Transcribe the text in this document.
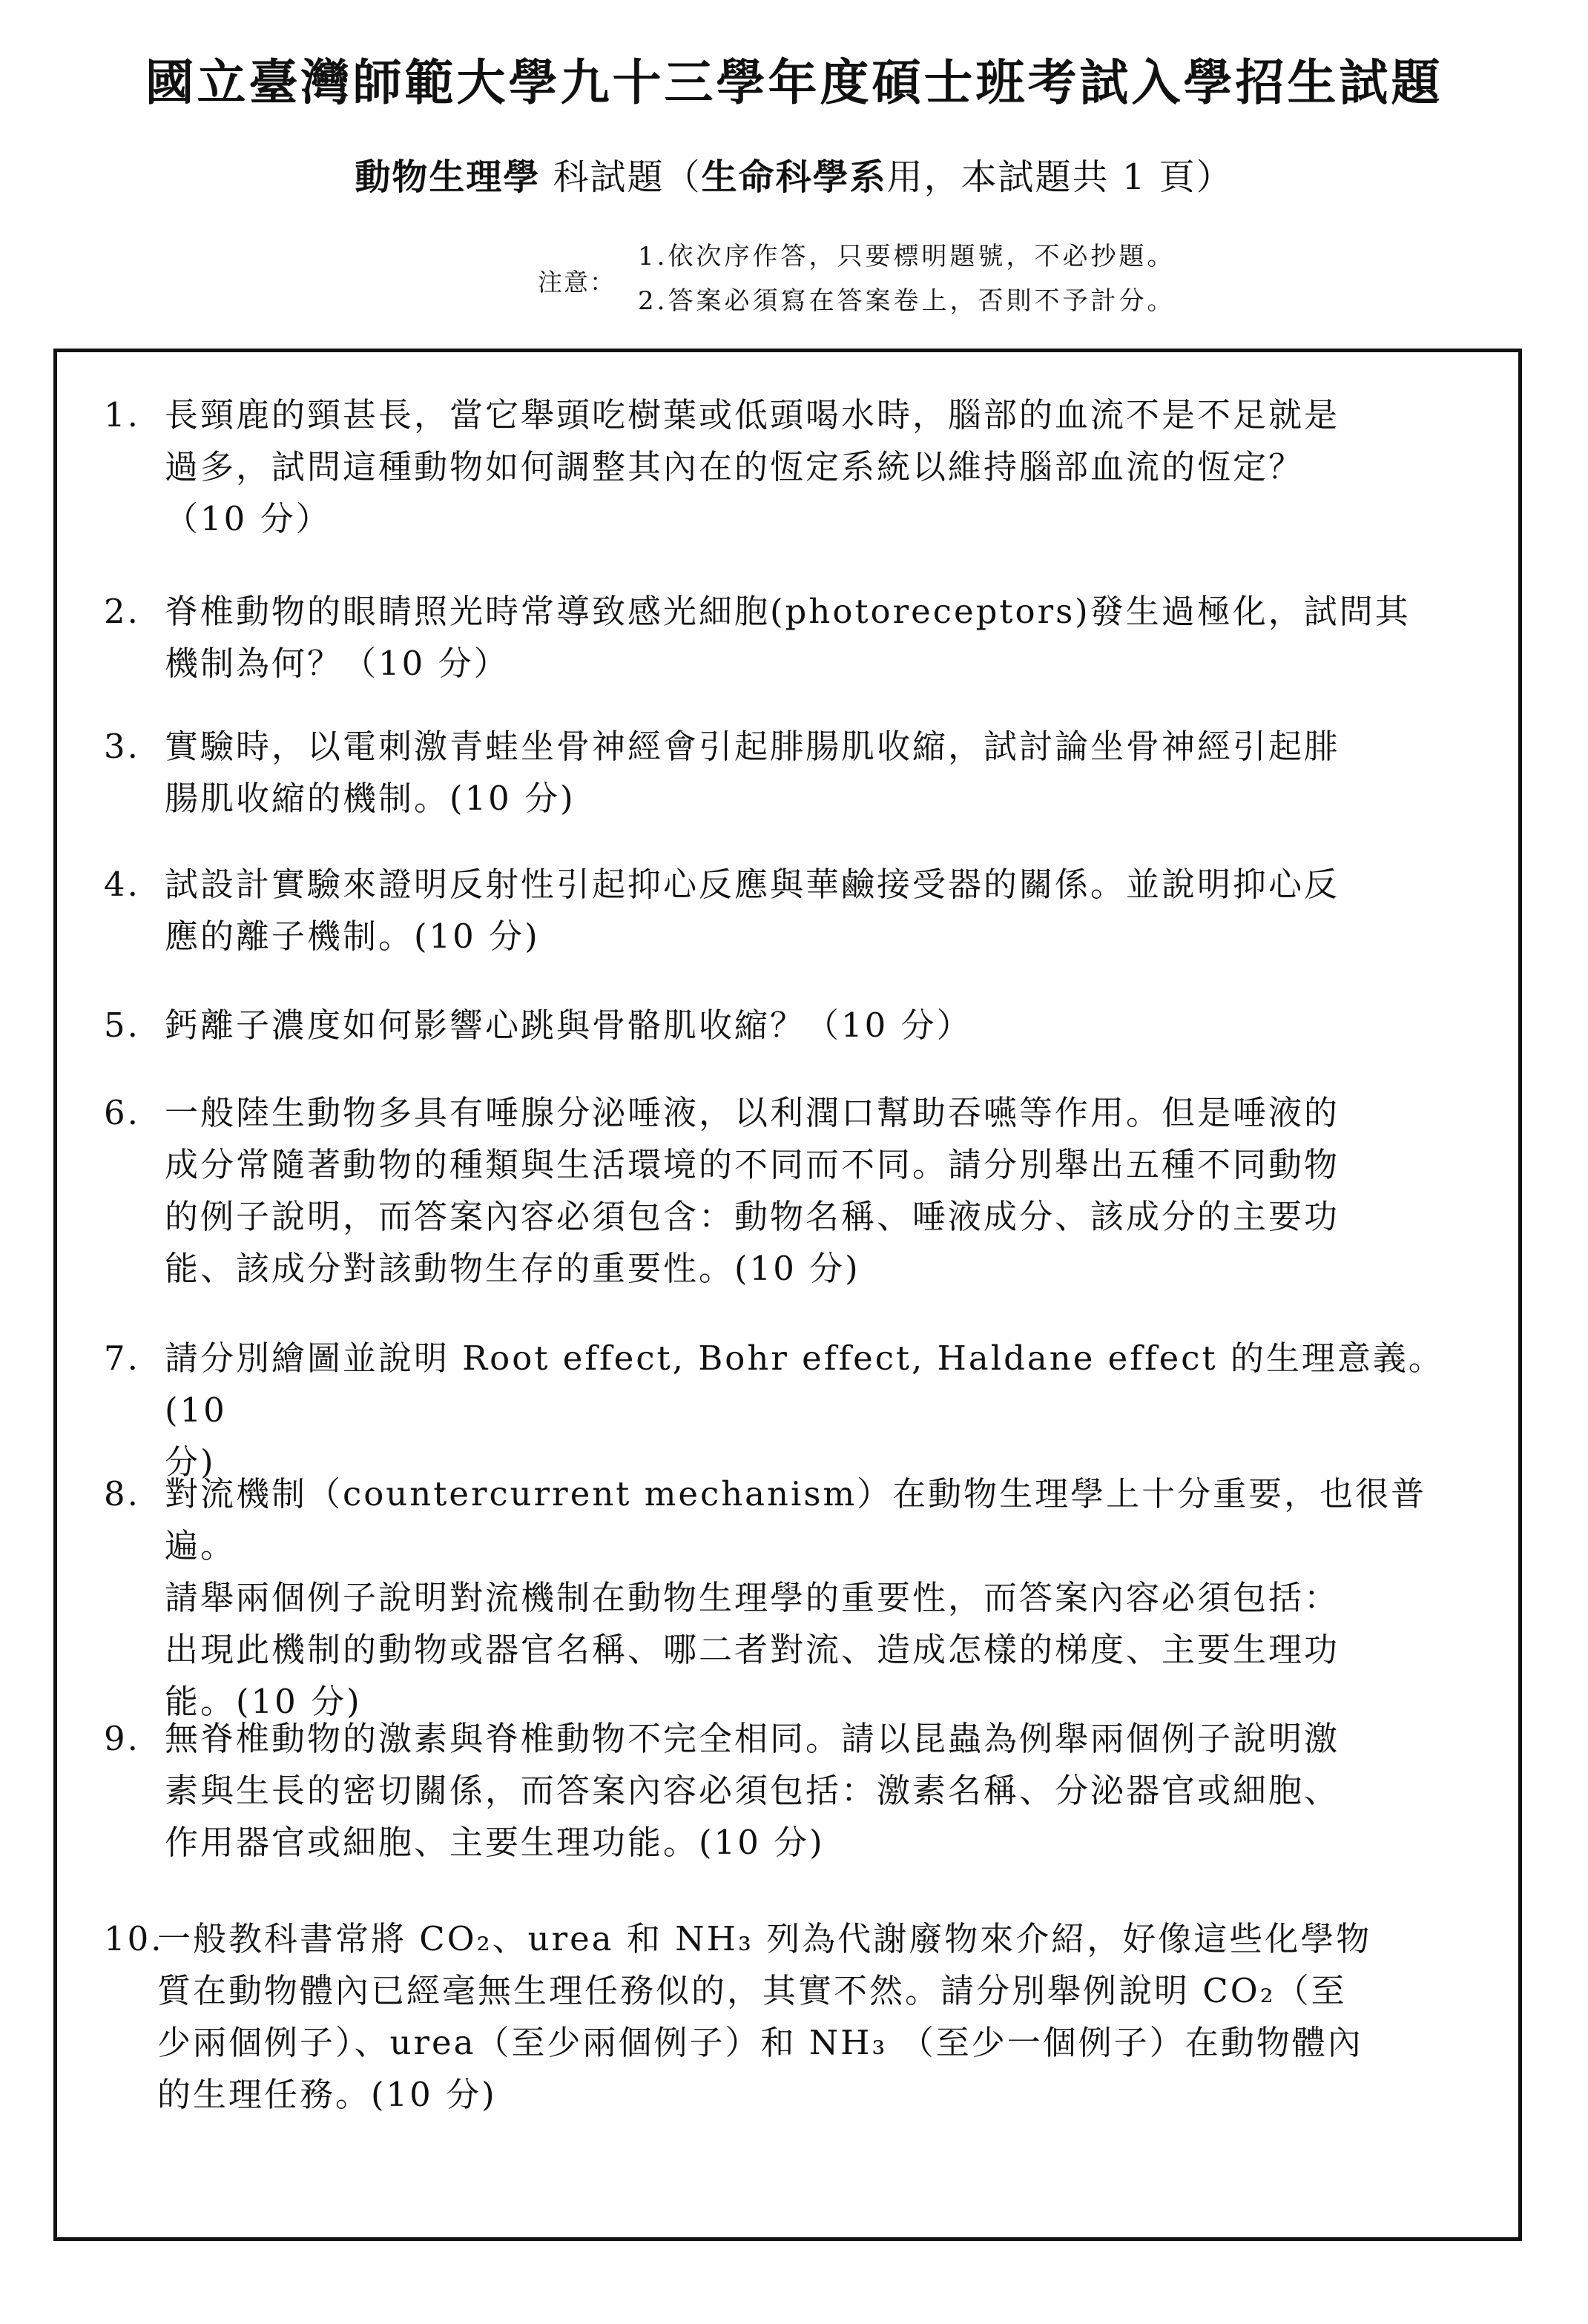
國立臺灣師範大學九十三學年度碩士班考試入學招生試題
動物生理學 科試題（生命科學系用，本試題共 1 頁）
注意：
1.依次序作答，只要標明題號，不必抄題。
2.答案必須寫在答案卷上，否則不予計分。
1. 長頸鹿的頸甚長，當它舉頭吃樹葉或低頭喝水時，腦部的血流不是不足就是
過多，試問這種動物如何調整其內在的恆定系統以維持腦部血流的恆定？
（10 分）
2. 脊椎動物的眼睛照光時常導致感光細胞(photoreceptors)發生過極化，試問其
機制為何？（10 分）
3. 實驗時，以電刺激青蛙坐骨神經會引起腓腸肌收縮，試討論坐骨神經引起腓
腸肌收縮的機制。(10 分)
4. 試設計實驗來證明反射性引起抑心反應與華鹼接受器的關係。並說明抑心反
應的離子機制。(10 分)
5. 鈣離子濃度如何影響心跳與骨骼肌收縮？（10 分）
6. 一般陸生動物多具有唾腺分泌唾液，以利潤口幫助吞嚥等作用。但是唾液的
成分常隨著動物的種類與生活環境的不同而不同。請分別舉出五種不同動物
的例子說明，而答案內容必須包含：動物名稱、唾液成分、該成分的主要功
能、該成分對該動物生存的重要性。(10 分)
7. 請分別繪圖並說明 Root effect, Bohr effect, Haldane effect 的生理意義。(10
分)
8. 對流機制（countercurrent mechanism）在動物生理學上十分重要，也很普遍。
請舉兩個例子說明對流機制在動物生理學的重要性，而答案內容必須包括：
出現此機制的動物或器官名稱、哪二者對流、造成怎樣的梯度、主要生理功
能。(10 分)
9. 無脊椎動物的激素與脊椎動物不完全相同。請以昆蟲為例舉兩個例子說明激
素與生長的密切關係，而答案內容必須包括：激素名稱、分泌器官或細胞、
作用器官或細胞、主要生理功能。(10 分)
10.
一般教科書常將 CO₂、urea 和 NH₃ 列為代謝廢物來介紹，好像這些化學物
質在動物體內已經毫無生理任務似的，其實不然。請分別舉例說明 CO₂（至
少兩個例子）、urea（至少兩個例子）和 NH₃ （至少一個例子）在動物體內
的生理任務。(10 分)
